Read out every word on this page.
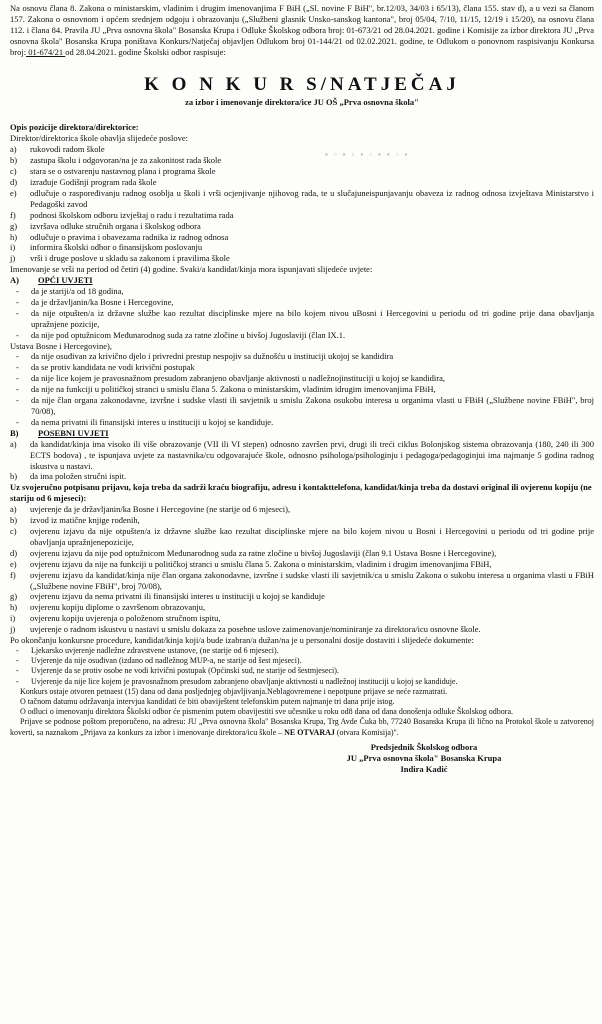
▪ ▫ ▪ ▫ ▪ ▫ ▪ ▪ ▫ ▪

Na osnovu člana 8. Zakona o ministarskim, vladinim i drugim imenovanjima F BiH („Sl. novine F BiH", br.12/03, 34/03 i 65/13), člana 155. stav d), a u vezi sa članom 157. Zakona o osnovnom i općem srednjem odgoju i obrazovanju („Službeni glasnik Unsko-sanskog kantona", broj 05/04, 7/10, 11/15, 12/19 i 15/20), na osnovu člana 112. i člana 84. Pravila JU „Prva osnovna škola" Bosanska Krupa i Odluke Školskog odbora broj: 01-673/21 od 28.04.2021. godine i Komisije za izbor direktora JU „Prva osnovna škola" Bosanska Krupa poništava Konkurs/Natječaj objavljen Odlukom broj 01-144/21 od 02.02.2021. godine, te Odlukom o ponovnom raspisivanju Konkursa broj: 01-674/21 od 28.04.2021. godine Školski odbor raspisuje:

K O N K U R S/NATJEČAJ

za izbor i imenovanje direktora/ice JU OŠ „Prva osnovna škola"

Opis pozicije direktora/direktorice:

Direktor/direktorica škole obavlja slijedeće poslove:

a)	rukovodi radom škole
b)	zastupa školu i odgovoran/na je za zakonitost rada škole
c)	stara se o ostvarenju nastavnog plana i programa škole
d)	izrađuje Godišnji program rada škole
e)	odlučuje o raspoređivanju radnog osoblja u školi i vrši ocjenjivanje njihovog rada, te u slučajuneispunjavanju obaveza iz radnog odnosa izvještava Ministarstvo i Pedagoški zavod
f)	podnosi školskom odboru izvještaj o radu i rezultatima rada
g)	izvršava odluke stručnih organa i školskog odbora
h)	odlučuje o pravima i obavezama radnika iz radnog odnosa
i)	informira školski odbor o finansijskom poslovanju
j)	vrši i druge poslove u skladu sa zakonom i pravilima škole

Imenovanje se vrši na period od četiri (4) godine. Svaki/a kandidat/kinja mora ispunjavati slijedeće uvjete:

A)	OPĆI UVJETI
-	da je stariji/a od 18 godina,
-	da je državljanin/ka Bosne i Hercegovine,
-	da nije otpušten/a iz državne službe kao rezultat disciplinske mjere na bilo kojem nivou uBosni i Hercegovini u periodu od tri godine prije dana obavljanja upražnjene pozicije,
-	da nije pod optužnicom Međunarodnog suda za ratne zločine u bivšoj Jugoslaviji (član IX.1.

Ustava Bosne i Hercegovine),

-	da nije osuđivan za krivično djelo i privredni prestup nespojiv sa dužnošću u instituciji ukojoj se kandidira
-	da se protiv kandidata ne vodi krivični postupak
-	da nije lice kojem je pravosnažnom presudom zabranjeno obavljanje aktivnosti u nadležnojinstituciji u kojoj se kandidira,
-	da nije na funkciji u političkoj stranci u smislu člana 5. Zakona o ministarskim, vladinim idrugim imenovanjima FBiH,
-	da nije član organa zakonodavne, izvršne i sudske vlasti ili savjetnik u smislu Zakona osukobu interesa u organima vlasti u FBiH („Službene novine FBiH", broj 70/08),
-	da nema privatni ili finansijski interes u instituciji u kojoj se kandiduje.
B)	POSEBNI UVJETI
a)	da kandidat/kinja ima visoko ili više obrazovanje (VII ili VI stepen) odnosno završen prvi, drugi ili treći ciklus Bolonjskog sistema obrazovanja (180, 240 ili 300 ECTS bodova) , te ispunjava uvjete za nastavnika/cu odgovarajuće škole, odnosno psihologa/psihologinju i pedagoga/pedagoginjui ima najmanje 5 godina radnog iskustva u nastavi.
b)	da ima položen stručni ispit.

Uz svojeručno potpisanu prijavu, koja treba da sadrži kraću biografiju, adresu i kontakttelefona, kandidat/kinja treba da dostavi original ili ovjerenu kopiju (ne stariju od 6 mjeseci):

a)	uvjerenje da je državljanin/ka Bosne i Hercegovine (ne starije od 6 mjeseci),
b)	izvod iz matične knjige rođenih,
c)	ovjerenu izjavu da nije otpušten/a iz državne službe kao rezultat disciplinske mjere na bilo kojem nivou u Bosni i Hercegovini u periodu od tri godine prije obavljanja upražnjenepozicije,
d)	ovjerenu izjavu da nije pod optužnicom Međunarodnog suda za ratne zločine u bivšoj Jugoslaviji (član 9.1 Ustava Bosne i Hercegovine),
e)	ovjerenu izjavu da nije na funkciji u političkoj stranci u smislu člana 5. Zakona o ministarskim, vladinim i drugim imenovanjima FBiH,
f)	ovjerenu izjavu da kandidat/kinja nije član organa zakonodavne, izvršne i sudske vlasti ili savjetnik/ca u smislu Zakona o sukobu interesa u organima vlasti u FBiH („Službene novine FBiH", broj 70/08),
g)	ovjerenu izjavu da nema privatni ili finansijski interes u instituciji u kojoj se kandiduje
h)	ovjerenu kopiju diplome o završenom obrazovanju,
i)	ovjerenu kopiju uvjerenja o položenom stručnom ispitu,
j)	uvjerenje o radnom iskustvu u nastavi u smislu dokaza za posebne uslove zaimenovanje/nominiranje za direktora/icu osnovne škole.

Po okončanju konkursne procedure, kandidat/kinja koji/a bude izabran/a dužan/na je u personalni dosije dostaviti i slijedeće dokumente:

-	Ljekarsko uvjerenje nadležne zdravstvene ustanove, (ne starije od 6 mjeseci).
-	Uvjerenje da nije osuđivan (izdano od nadležnog MUP-a, ne starije od šest mjeseci).
-	Uvjerenje da se protiv osobe ne vodi krivični postupak (Općinski sud, ne starije od šestmjeseci).
-	Uvjerenje da nije lice kojem je pravosnažnom presudom zabranjeno obavljanje aktivnosti u nadležnoj instituciji u kojoj se kandiduje.

Konkurs ostaje otvoren petnaest (15) dana od dana posljednjeg objavljivanja.Neblagovremene i nepotpune prijave se neće razmatrati.

O tačnom datumu održavanja intervjua kandidati će biti obaviještent telefonskim putem najmanje tri dana prije istog.

O odluci o imenovanju direktora Školski odbor će pismenim putem obavijestiti sve učesnike u roku od8 dana od dana donošenja odluke Školskog odbora.

Prijave se podnose poštom preporučeno, na adresu: JU „Prva osnovna škola" Bosanska Krupa, Trg Avde Čuka bb, 77240 Bosanska Krupa ili lično na Protokol škole u zatvorenoj koverti, sa naznakom „Prijava za konkurs za izbor i imenovanje direktora/icu škole – NE OTVARAJ (otvara Komisija)".

Predsjednik Školskog odbora

JU „Prva osnovna škola" Bosanska Krupa

Indira Kadić
